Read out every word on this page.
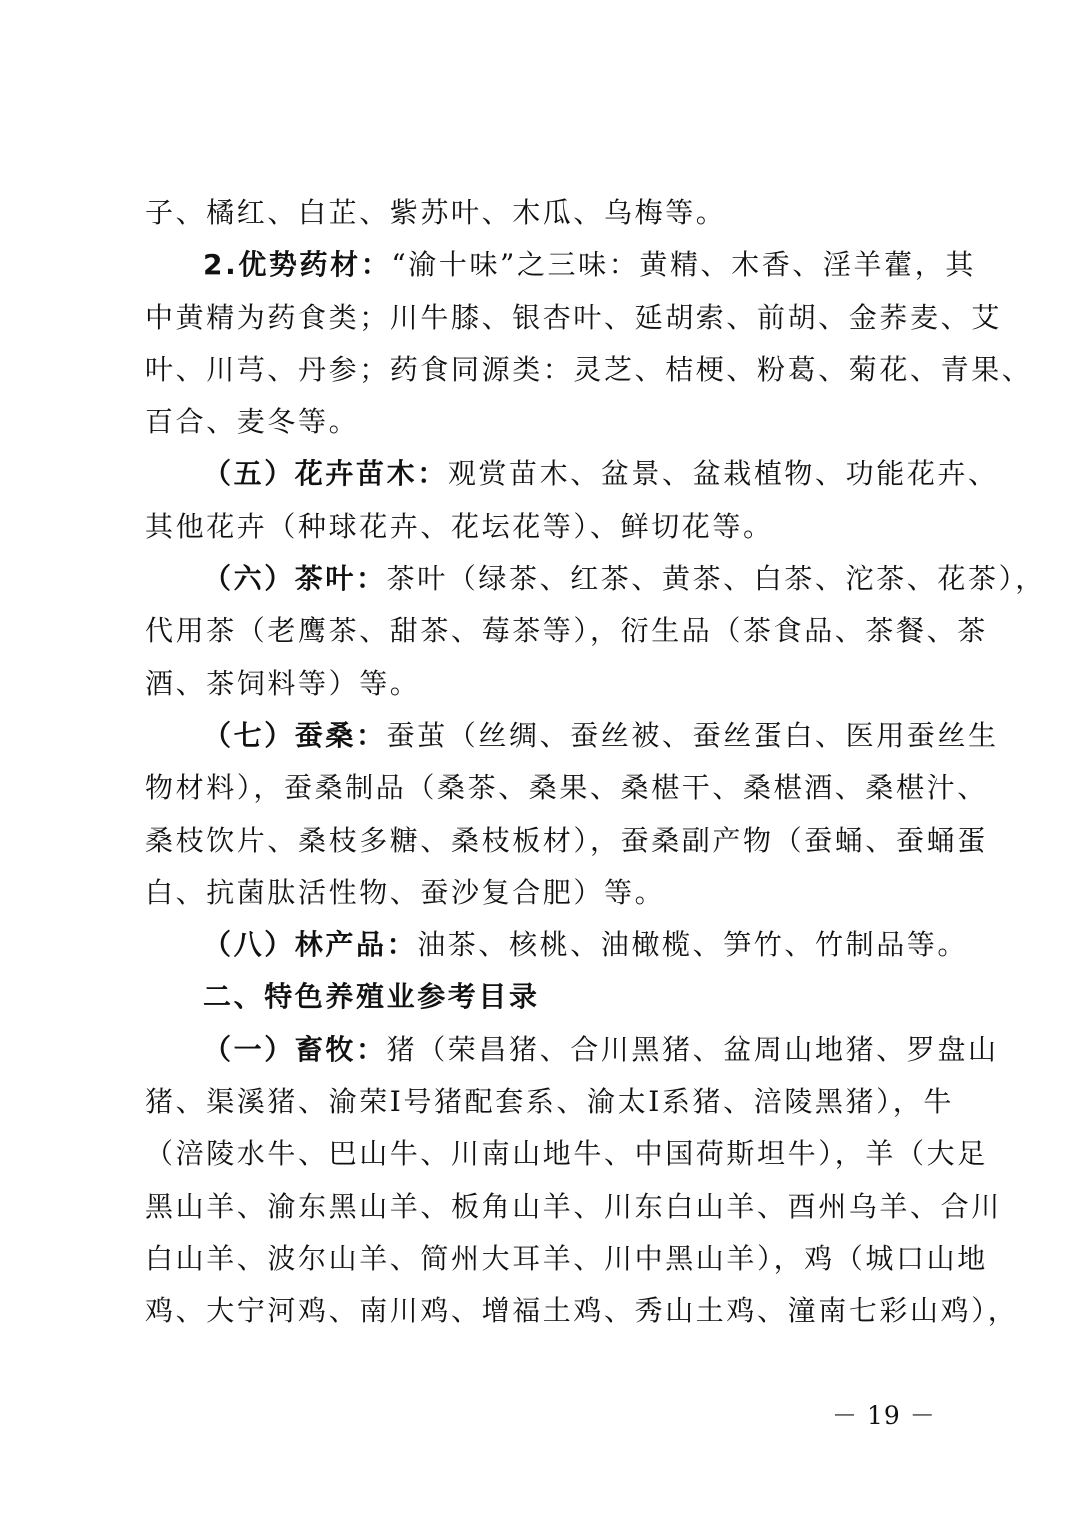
子、橘红、白芷、紫苏叶、木瓜、乌梅等。
2.优势药材：“渝十味”之三味：黄精、木香、淫羊藿，其
中黄精为药食类；川牛膝、银杏叶、延胡索、前胡、金荞麦、艾
叶、川芎、丹参；药食同源类：灵芝、桔梗、粉葛、菊花、青果、
百合、麦冬等。
（五）花卉苗木：观赏苗木、盆景、盆栽植物、功能花卉、
其他花卉（种球花卉、花坛花等）、鲜切花等。
（六）茶叶：茶叶（绿茶、红茶、黄茶、白茶、沱茶、花茶），
代用茶（老鹰茶、甜茶、莓茶等），衍生品（茶食品、茶餐、茶
酒、茶饲料等）等。
（七）蚕桑：蚕茧（丝绸、蚕丝被、蚕丝蛋白、医用蚕丝生
物材料），蚕桑制品（桑茶、桑果、桑椹干、桑椹酒、桑椹汁、
桑枝饮片、桑枝多糖、桑枝板材），蚕桑副产物（蚕蛹、蚕蛹蛋
白、抗菌肽活性物、蚕沙复合肥）等。
（八）林产品：油茶、核桃、油橄榄、笋竹、竹制品等。
二、特色养殖业参考目录
（一）畜牧：猪（荣昌猪、合川黑猪、盆周山地猪、罗盘山
猪、渠溪猪、渝荣Ⅰ号猪配套系、渝太Ⅰ系猪、涪陵黑猪），牛
（涪陵水牛、巴山牛、川南山地牛、中国荷斯坦牛），羊（大足
黑山羊、渝东黑山羊、板角山羊、川东白山羊、酉州乌羊、合川
白山羊、波尔山羊、简州大耳羊、川中黑山羊），鸡（城口山地
鸡、大宁河鸡、南川鸡、增福土鸡、秀山土鸡、潼南七彩山鸡），
－ 19 －
